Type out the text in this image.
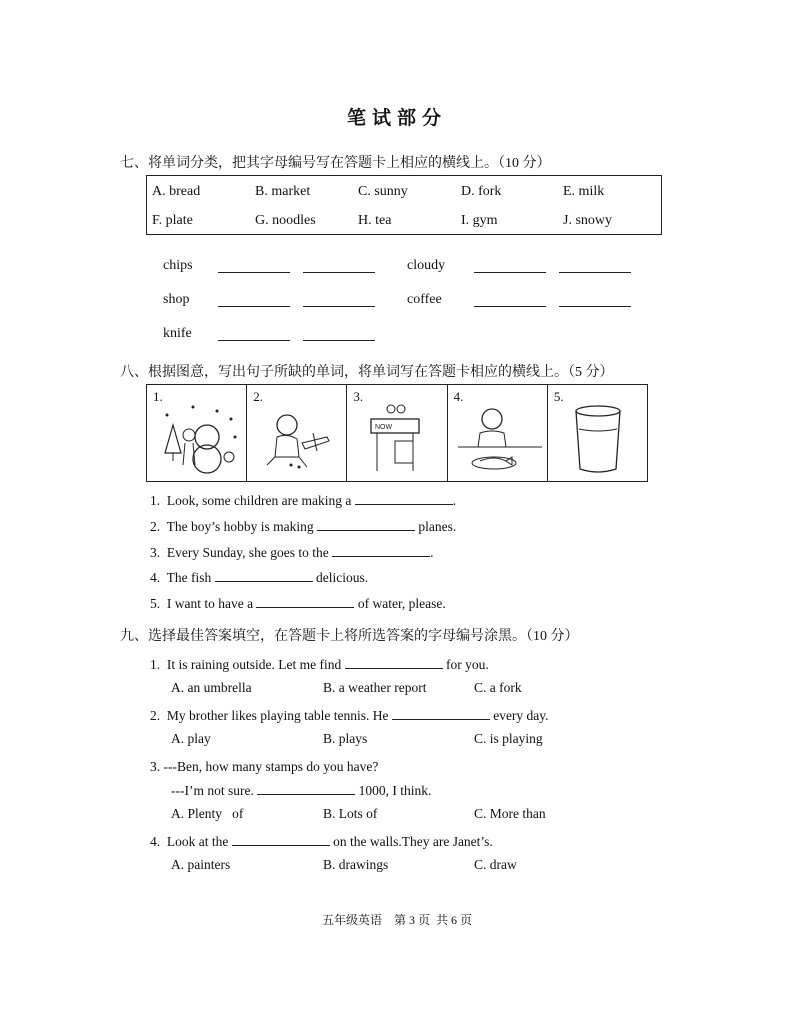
笔试部分
七、将单词分类，把其字母编号写在答题卡上相应的横线上。（10 分）
A. bread	B. market	C. sunny	D. fork	E. milk
F. plate	G. noodles	H. tea	I. gym	J. snowy
chips	cloudy
shop	coffee
knife
八、根据图意，写出句子所缺的单词，将单词写在答题卡相应的横线上。（5 分）
1.	2.	3.
NOW
4.	5.
1. Look, some children are making a	.
2. The boy’s hobby is making	planes.
3. Every Sunday, she goes to the	.
4. The fish	delicious.
5. I want to have a	of water, please.
九、选择最佳答案填空，在答题卡上将所选答案的字母编号涂黑。（10 分）
1. It is raining outside. Let me find	for you.
A. an umbrella	B. a weather report	C. a fork
2. My brother likes playing table tennis. He	every day.
A. play	B. plays	C. is playing
3. ---Ben, how many stamps do you have?
---I’m not sure.	1000, I think.
A. Plenty   of	B. Lots of	C. More than
4. Look at the	on the walls.They are Janet’s.
A. painters	B. drawings	C. draw
五年级英语    第 3 页  共 6 页
